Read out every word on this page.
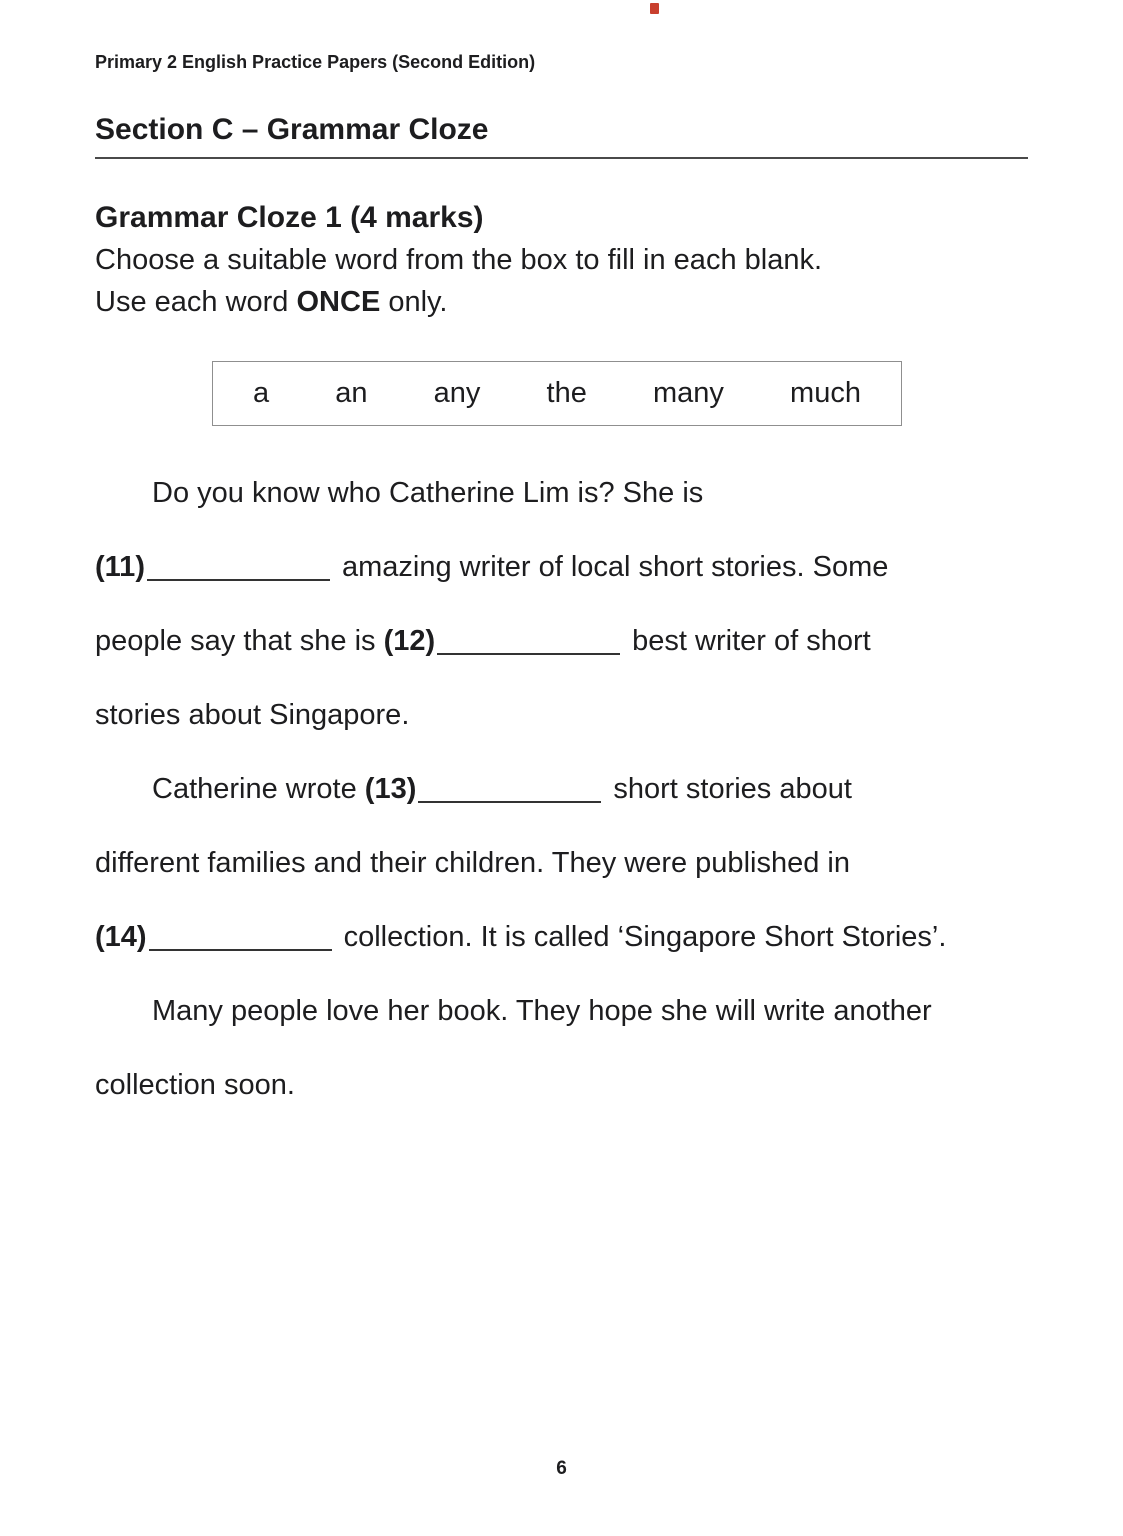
Primary 2 English Practice Papers (Second Edition)
Section C – Grammar Cloze
Grammar Cloze 1 (4 marks)

Choose a suitable word from the box to fill in each blank.

Use each word ONCE only.

a an any the many much
Do you know who Catherine Lim is? She is
(11)	amazing writer of local short stories. Some
people say that she is (12)	best writer of short
stories about Singapore.
Catherine wrote (13)	short stories about
different families and their children. They were published in
(14)	collection. It is called ‘Singapore Short Stories’.
Many people love her book. They hope she will write another
collection soon.
6
